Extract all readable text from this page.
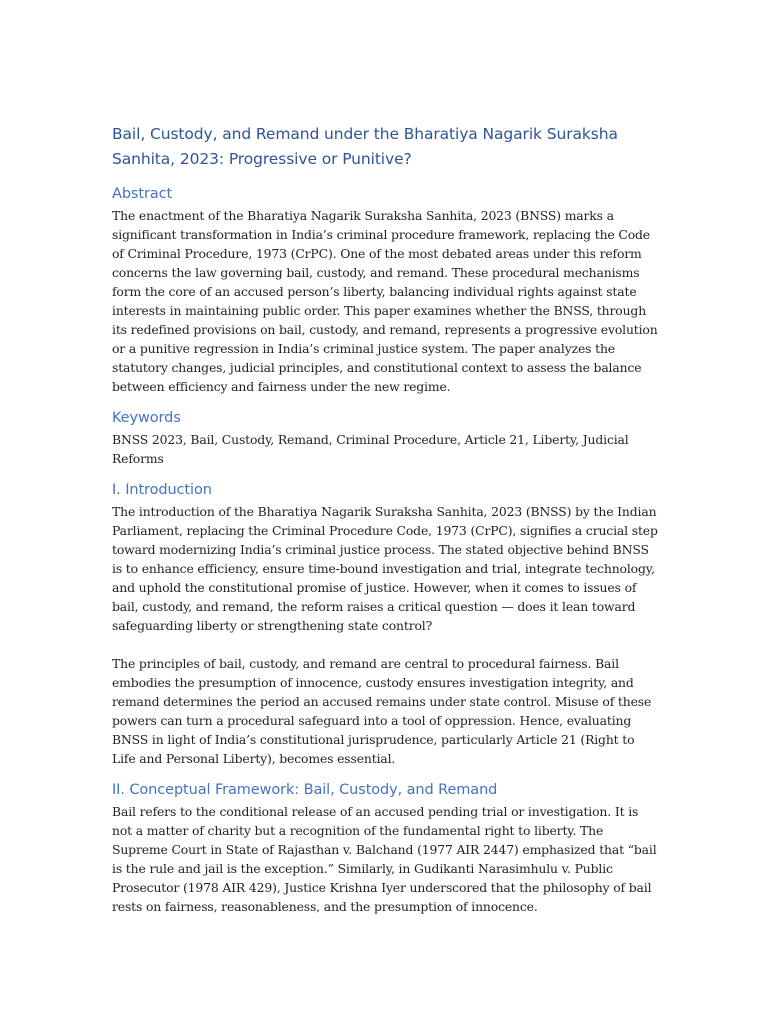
Bail, Custody, and Remand under the Bharatiya Nagarik Suraksha Sanhita, 2023: Progressive or Punitive?
Abstract

The enactment of the Bharatiya Nagarik Suraksha Sanhita, 2023 (BNSS) marks a significant transformation in India’s criminal procedure framework, replacing the Code of Criminal Procedure, 1973 (CrPC). One of the most debated areas under this reform concerns the law governing bail, custody, and remand. These procedural mechanisms form the core of an accused person’s liberty, balancing individual rights against state interests in maintaining public order. This paper examines whether the BNSS, through its redefined provisions on bail, custody, and remand, represents a progressive evolution or a punitive regression in India’s criminal justice system. The paper analyzes the statutory changes, judicial principles, and constitutional context to assess the balance between efficiency and fairness under the new regime.

Keywords

BNSS 2023, Bail, Custody, Remand, Criminal Procedure, Article 21, Liberty, Judicial Reforms

I. Introduction

The introduction of the Bharatiya Nagarik Suraksha Sanhita, 2023 (BNSS) by the Indian Parliament, replacing the Criminal Procedure Code, 1973 (CrPC), signifies a crucial step toward modernizing India’s criminal justice process. The stated objective behind BNSS is to enhance efficiency, ensure time-bound investigation and trial, integrate technology, and uphold the constitutional promise of justice. However, when it comes to issues of bail, custody, and remand, the reform raises a critical question — does it lean toward safeguarding liberty or strengthening state control?

The principles of bail, custody, and remand are central to procedural fairness. Bail embodies the presumption of innocence, custody ensures investigation integrity, and remand determines the period an accused remains under state control. Misuse of these powers can turn a procedural safeguard into a tool of oppression. Hence, evaluating BNSS in light of India’s constitutional jurisprudence, particularly Article 21 (Right to Life and Personal Liberty), becomes essential.

II. Conceptual Framework: Bail, Custody, and Remand

Bail refers to the conditional release of an accused pending trial or investigation. It is not a matter of charity but a recognition of the fundamental right to liberty. The Supreme Court in State of Rajasthan v. Balchand (1977 AIR 2447) emphasized that “bail is the rule and jail is the exception.” Similarly, in Gudikanti Narasimhulu v. Public Prosecutor (1978 AIR 429), Justice Krishna Iyer underscored that the philosophy of bail rests on fairness, reasonableness, and the presumption of innocence.
